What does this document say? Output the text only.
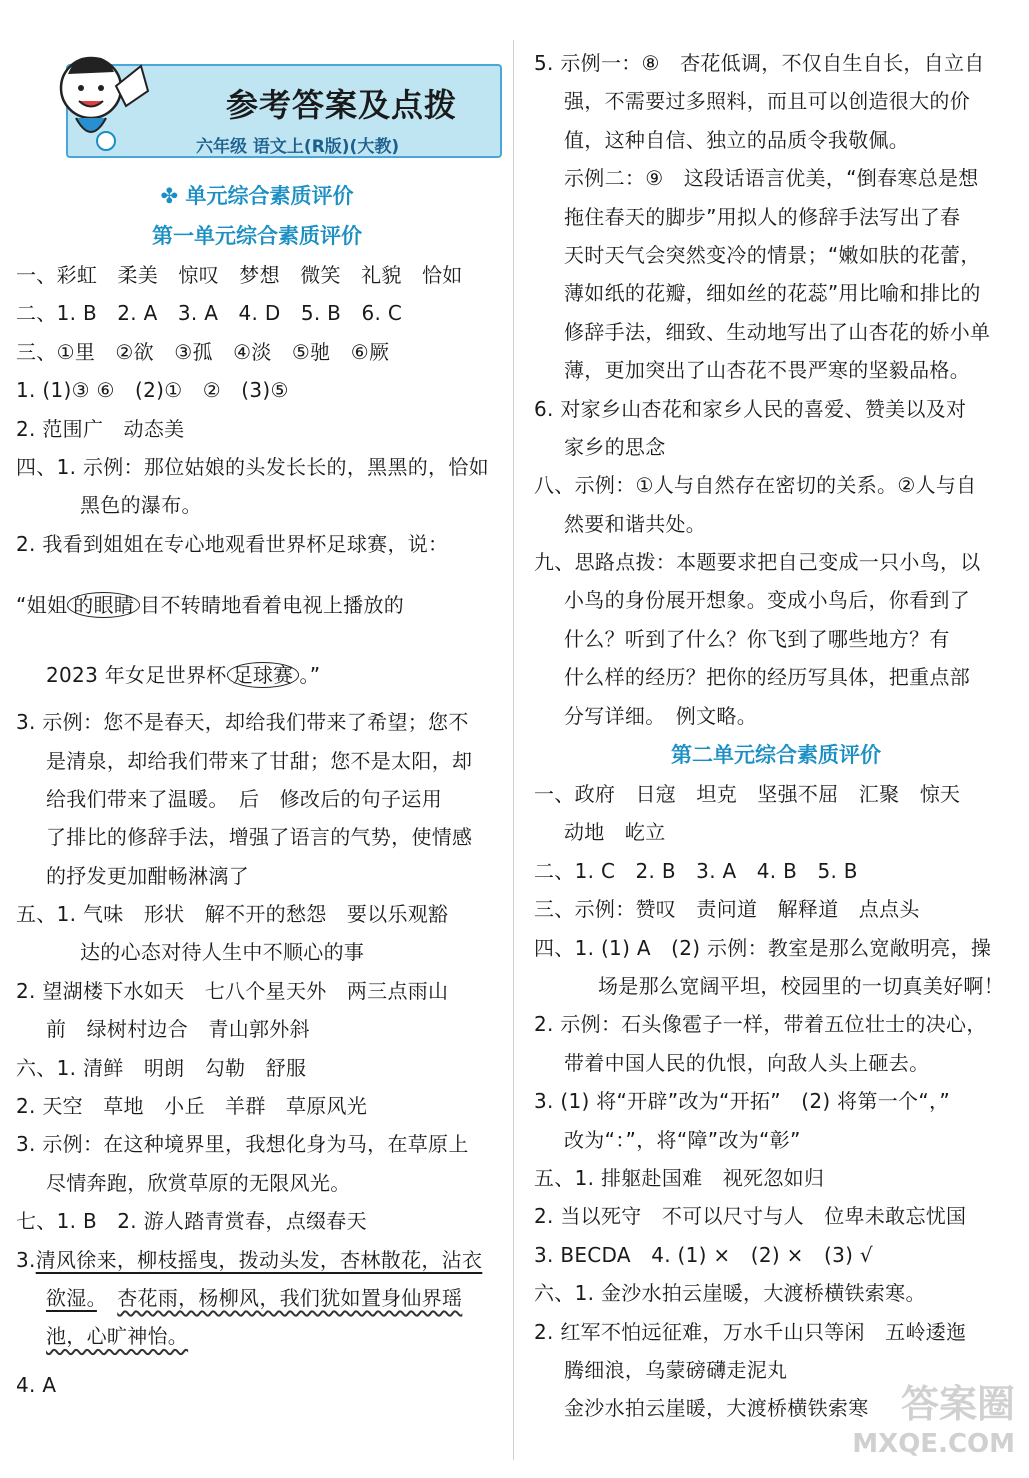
参考答案及点拨
六年级 语文上(R版)(大教)
✤ 单元综合素质评价
第一单元综合素质评价
一、彩虹　柔美　惊叹　梦想　微笑　礼貌　恰如
二、1. B　2. A　3. A　4. D　5. B　6. C
三、①里　②欲　③孤　④淡　⑤驰　⑥厥
1. (1)③ ⑥　(2)①　②　(3)⑤
2. 范围广　动态美
四、1. 示例：那位姑娘的头发长长的，黑黑的，恰如
黑色的瀑布。
2. 我看到姐姐在专心地观看世界杯足球赛，说：
“姐姐 的眼睛 目不转睛地看着电视上播放的
2023 年女足世界杯 足球赛 。”
3. 示例：您不是春天，却给我们带来了希望；您不
是清泉，却给我们带来了甘甜；您不是太阳，却
给我们带来了温暖。　后　修改后的句子运用
了排比的修辞手法，增强了语言的气势，使情感
的抒发更加酣畅淋漓了
五、1. 气味　形状　解不开的愁怨　要以乐观豁
达的心态对待人生中不顺心的事
2. 望湖楼下水如天　七八个星天外　两三点雨山
前　绿树村边合　青山郭外斜
六、1. 清鲜　明朗　勾勒　舒服
2. 天空　草地　小丘　羊群　草原风光
3. 示例：在这种境界里，我想化身为马，在草原上
尽情奔跑，欣赏草原的无限风光。
七、1. B　2. 游人踏青赏春，点缀春天
3.清风徐来，柳枝摇曳，拨动头发，杏林散花，沾衣
欲湿。　 杏花雨，杨柳风，我们犹如置身仙界瑶
池，心旷神怡。
4. A
5. 示例一：⑧　杏花低调，不仅自生自长，自立自
强，不需要过多照料，而且可以创造很大的价
值，这种自信、独立的品质令我敬佩。
示例二：⑨　这段话语言优美，“倒春寒总是想
拖住春天的脚步”用拟人的修辞手法写出了春
天时天气会突然变冷的情景；“嫩如肤的花蕾，
薄如纸的花瓣，细如丝的花蕊”用比喻和排比的
修辞手法，细致、生动地写出了山杏花的娇小单
薄，更加突出了山杏花不畏严寒的坚毅品格。
6. 对家乡山杏花和家乡人民的喜爱、赞美以及对
家乡的思念
八、示例：①人与自然存在密切的关系。②人与自
然要和谐共处。
九、思路点拨：本题要求把自己变成一只小鸟，以
小鸟的身份展开想象。变成小鸟后，你看到了
什么？听到了什么？你飞到了哪些地方？有
什么样的经历？把你的经历写具体，把重点部
分写详细。　例文略。
第二单元综合素质评价
一、政府　日寇　坦克　坚强不屈　汇聚　惊天
动地　屹立
二、1. C　2. B　3. A　4. B　5. B
三、示例：赞叹　责问道　解释道　点点头
四、1. (1) A　(2) 示例：教室是那么宽敞明亮，操
场是那么宽阔平坦，校园里的一切真美好啊！
2. 示例：石头像雹子一样，带着五位壮士的决心，
带着中国人民的仇恨，向敌人头上砸去。
3. (1) 将“开辟”改为“开拓”　(2) 将第一个“，”
改为“：”，将“障”改为“彰”
五、1. 排躯赴国难　视死忽如归
2. 当以死守　不可以尺寸与人　位卑未敢忘忧国
3. BECDA　4. (1) ×　(2) ×　(3) √
六、1. 金沙水拍云崖暖，大渡桥横铁索寒。
2. 红军不怕远征难，万水千山只等闲　五岭逶迤
腾细浪，乌蒙磅礴走泥丸
金沙水拍云崖暖，大渡桥横铁索寒 答案圈
MXQE.COM
